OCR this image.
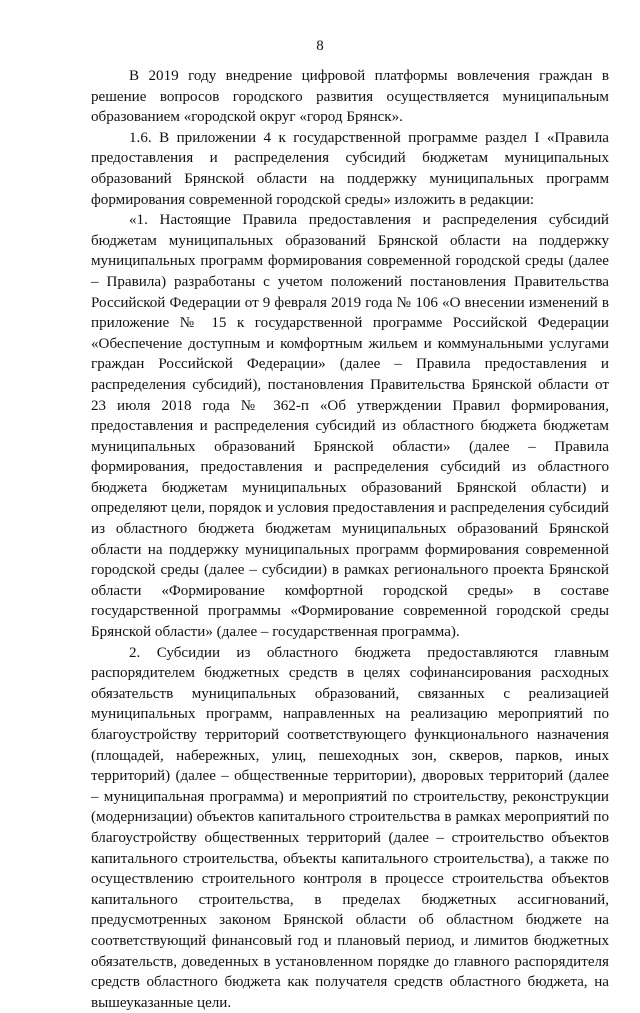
8

В 2019 году внедрение цифровой платформы вовлечения граждан в решение вопросов городского развития осуществляется муниципальным образованием «городской округ «город Брянск».

1.6. В приложении 4 к государственной программе раздел I «Правила предоставления и распределения субсидий бюджетам муниципальных образований Брянской области на поддержку муниципальных программ формирования современной городской среды» изложить в редакции:

«1. Настоящие Правила предоставления и распределения субсидий бюджетам муниципальных образований Брянской области на поддержку муниципальных программ формирования современной городской среды (далее – Правила) разработаны с учетом положений постановления Правительства Российской Федерации от 9 февраля 2019 года № 106 «О внесении изменений в приложение № 15 к государственной программе Российской Федерации «Обеспечение доступным и комфортным жильем и коммунальными услугами граждан Российской Федерации» (далее – Правила предоставления и распределения субсидий), постановления Правительства Брянской области от 23 июля 2018 года № 362-п «Об утверждении Правил формирования, предоставления и распределения субсидий из областного бюджета бюджетам муниципальных образований Брянской области» (далее – Правила формирования, предоставления и распределения субсидий из областного бюджета бюджетам муниципальных образований Брянской области) и определяют цели, порядок и условия предоставления и распределения субсидий из областного бюджета бюджетам муниципальных образований Брянской области на поддержку муниципальных программ формирования современной городской среды (далее – субсидии) в рамках регионального проекта Брянской области «Формирование комфортной городской среды» в составе государственной программы «Формирование современной городской среды Брянской области» (далее – государственная программа).

2. Субсидии из областного бюджета предоставляются главным распорядителем бюджетных средств в целях софинансирования расходных обязательств муниципальных образований, связанных с реализацией муниципальных программ, направленных на реализацию мероприятий по благоустройству территорий соответствующего функционального назначения (площадей, набережных, улиц, пешеходных зон, скверов, парков, иных территорий) (далее – общественные территории), дворовых территорий (далее – муниципальная программа) и мероприятий по строительству, реконструкции (модернизации) объектов капитального строительства в рамках мероприятий по благоустройству общественных территорий (далее – строительство объектов капитального строительства, объекты капитального строительства), а также по осуществлению строительного контроля в процессе строительства объектов капитального строительства, в пределах бюджетных ассигнований, предусмотренных законом Брянской области об областном бюджете на соответствующий финансовый год и плановый период, и лимитов бюджетных обязательств, доведенных в установленном порядке до главного распорядителя средств областного бюджета как получателя средств областного бюджета, на вышеуказанные цели.
